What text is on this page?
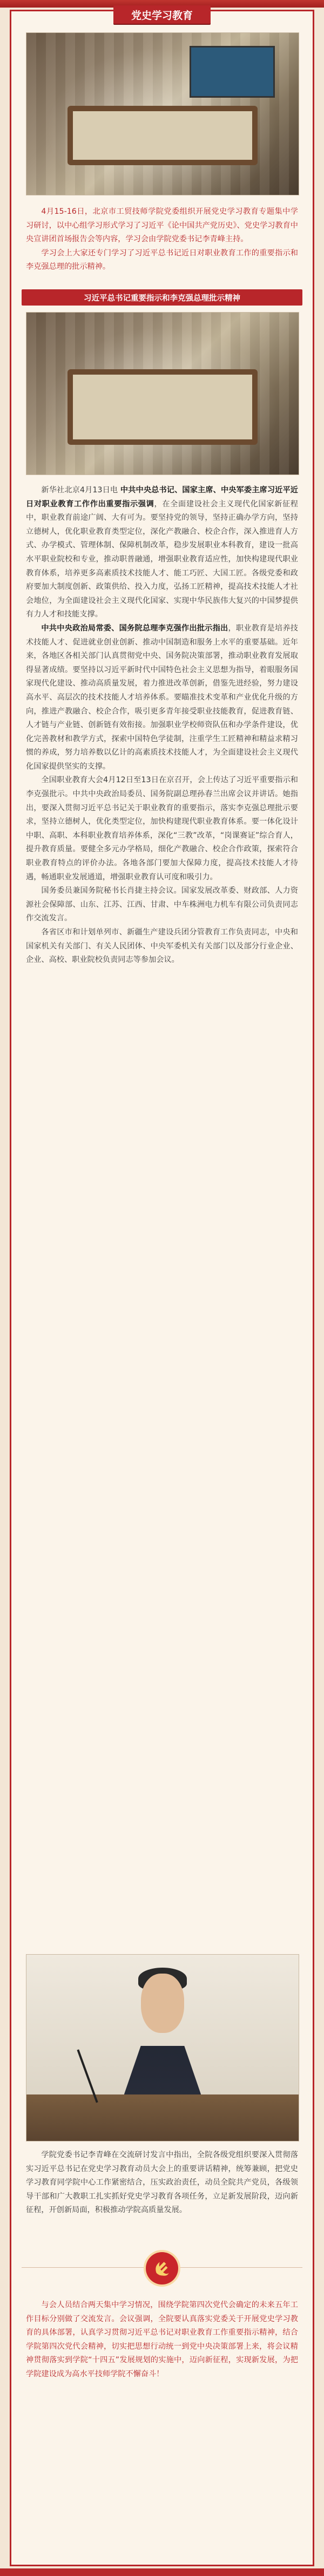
党史学习教育

4月15-16日，北京市工贸技师学院党委组织开展党史学习教育专题集中学习研讨，以中心组学习形式学习了习近平《论中国共产党历史》、党史学习教育中央宣讲团首场报告会等内容，学习会由学院党委书记李青峰主持。

学习会上大家还专门学习了习近平总书记近日对职业教育工作的重要指示和李克强总理的批示精神。

习近平总书记重要指示和李克强总理批示精神

新华社北京4月13日电 中共中央总书记、国家主席、中央军委主席习近平近日对职业教育工作作出重要指示强调，在全面建设社会主义现代化国家新征程中，职业教育前途广阔、大有可为。要坚持党的领导，坚持正确办学方向，坚持立德树人，优化职业教育类型定位，深化产教融合、校企合作，深入推进育人方式、办学模式、管理体制、保障机制改革，稳步发展职业本科教育，建设一批高水平职业院校和专业，推动职普融通，增强职业教育适应性，加快构建现代职业教育体系，培养更多高素质技术技能人才、能工巧匠、大国工匠。各级党委和政府要加大制度创新、政策供给、投入力度，弘扬工匠精神，提高技术技能人才社会地位，为全面建设社会主义现代化国家、实现中华民族伟大复兴的中国梦提供有力人才和技能支撑。

中共中央政治局常委、国务院总理李克强作出批示指出，职业教育是培养技术技能人才、促进就业创业创新、推动中国制造和服务上水平的重要基础。近年来，各地区各相关部门认真贯彻党中央、国务院决策部署，推动职业教育发展取得显著成绩。要坚持以习近平新时代中国特色社会主义思想为指导，着眼服务国家现代化建设、推动高质量发展，着力推进改革创新，借鉴先进经验，努力建设高水平、高层次的技术技能人才培养体系。要瞄准技术变革和产业优化升级的方向，推进产教融合、校企合作，吸引更多青年接受职业技能教育，促进教育链、人才链与产业链、创新链有效衔接。加强职业学校师资队伍和办学条件建设，优化完善教材和教学方式，探索中国特色学徒制，注重学生工匠精神和精益求精习惯的养成，努力培养数以亿计的高素质技术技能人才，为全面建设社会主义现代化国家提供坚实的支撑。

全国职业教育大会4月12日至13日在京召开，会上传达了习近平重要指示和李克强批示。中共中央政治局委员、国务院副总理孙春兰出席会议并讲话。她指出，要深入贯彻习近平总书记关于职业教育的重要指示，落实李克强总理批示要求，坚持立德树人，优化类型定位，加快构建现代职业教育体系。要一体化设计中职、高职、本科职业教育培养体系，深化“三教”改革，“岗课赛证”综合育人，提升教育质量。要健全多元办学格局，细化产教融合、校企合作政策，探索符合职业教育特点的评价办法。各地各部门要加大保障力度，提高技术技能人才待遇，畅通职业发展通道，增强职业教育认可度和吸引力。

国务委员兼国务院秘书长肖捷主持会议。国家发展改革委、财政部、人力资源社会保障部、山东、江苏、江西、甘肃、中车株洲电力机车有限公司负责同志作交流发言。

各省区市和计划单列市、新疆生产建设兵团分管教育工作负责同志，中央和国家机关有关部门、有关人民团体、中央军委机关有关部门以及部分行业企业、企业、高校、职业院校负责同志等参加会议。

学院党委书记李青峰在交流研讨发言中指出，全院各级党组织要深入贯彻落实习近平总书记在党史学习教育动员大会上的重要讲话精神，统筹兼顾，把党史学习教育同学院中心工作紧密结合，压实政治责任，动员全院共产党员，各级领导干部和广大教职工扎实抓好党史学习教育各项任务，立足新发展阶段，迈向新征程，开创新局面，积极推动学院高质量发展。

与会人员结合两天集中学习情况，围绕学院第四次党代会确定的未来五年工作目标分别做了交流发言。会议强调，全院要认真落实党委关于开展党史学习教育的具体部署，认真学习贯彻习近平总书记对职业教育工作重要指示精神，结合学院第四次党代会精神，切实把思想行动统一到党中央决策部署上来，将会议精神贯彻落实到学院“十四五”发展规划的实施中，迈向新征程，实现新发展，为把学院建设成为高水平技师学院不懈奋斗！
